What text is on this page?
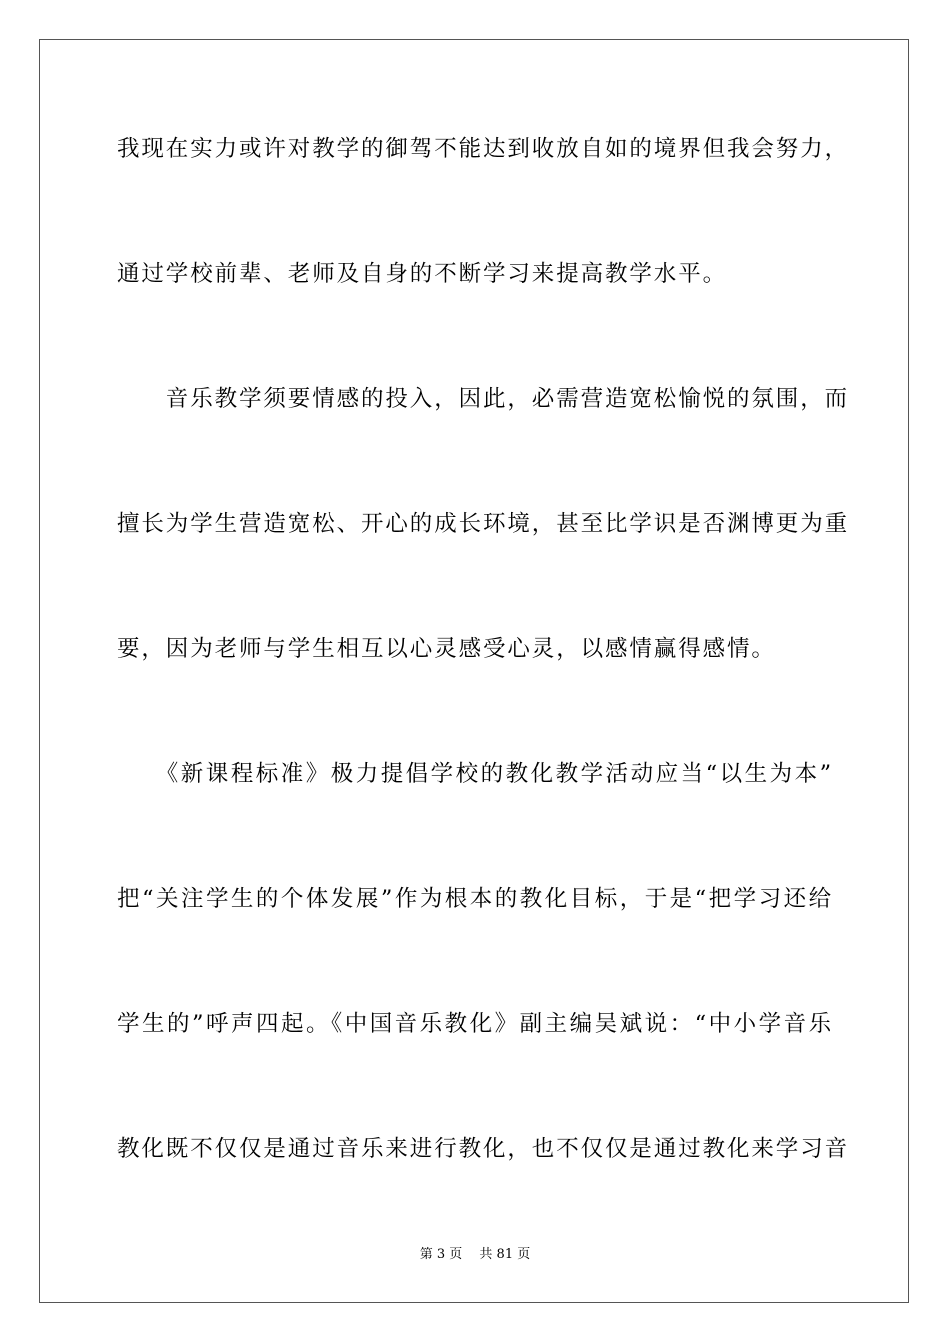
我现在实力或许对教学的御驾不能达到收放自如的境界但我会努力，
通过学校前辈、老师及自身的不断学习来提高教学水平。
　　音乐教学须要情感的投入，因此，必需营造宽松愉悦的氛围，而
擅长为学生营造宽松、开心的成长环境，甚至比学识是否渊博更为重
要，因为老师与学生相互以心灵感受心灵，以感情赢得感情。
　　《新课程标准》极力提倡学校的教化教学活动应当“以生为本”
把“关注学生的个体发展”作为根本的教化目标，于是“把学习还给
学生的”呼声四起。《中国音乐教化》副主编吴斌说：“中小学音乐
教化既不仅仅是通过音乐来进行教化，也不仅仅是通过教化来学习音
第 3 页　 共 81 页
